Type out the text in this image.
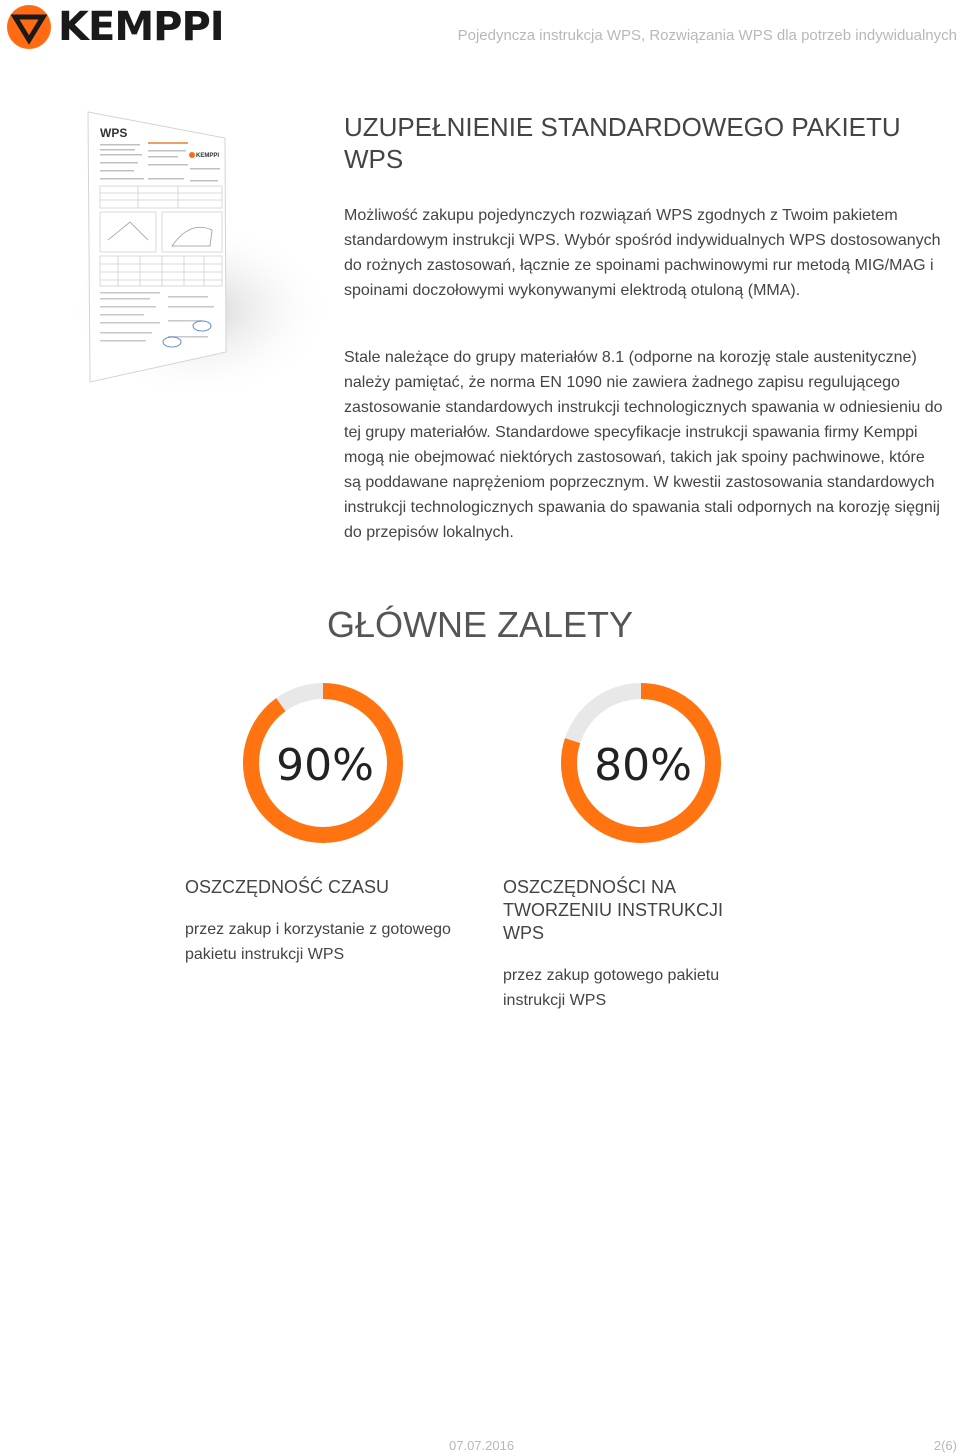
KEMPPI	Pojedyncza instrukcja WPS, Rozwiązania WPS dla potrzeb indywidualnych
WPS
KEMPPI
UZUPEŁNIENIE STANDARDOWEGO PAKIETU WPS

Możliwość zakupu pojedynczych rozwiązań WPS zgodnych z Twoim pakietem standardowym instrukcji WPS. Wybór spośród indywidualnych WPS dostosowanych do rożnych zastosowań, łącznie ze spoinami pachwinowymi rur metodą MIG/MAG i spoinami doczołowymi wykonywanymi elektrodą otuloną (MMA).

Stale należące do grupy materiałów 8.1 (odporne na korozję stale austenityczne) należy pamiętać, że norma EN 1090 nie zawiera żadnego zapisu regulującego zastosowanie standardowych instrukcji technologicznych spawania w odniesieniu do tej grupy materiałów. Standardowe specyfikacje instrukcji spawania firmy Kemppi mogą nie obejmować niektórych zastosowań, takich jak spoiny pachwinowe, które są poddawane naprężeniom poprzecznym. W kwestii zastosowania standardowych instrukcji technologicznych spawania do spawania stali odpornych na korozję sięgnij do przepisów lokalnych.

GŁÓWNE ZALETY
90%	80%
OSZCZĘDNOŚĆ CZASU

przez zakup i korzystanie z gotowego pakietu instrukcji WPS

OSZCZĘDNOŚCI NA TWORZENIU INSTRUKCJI WPS

przez zakup gotowego pakietu instrukcji WPS

07.07.2016	2(6)
